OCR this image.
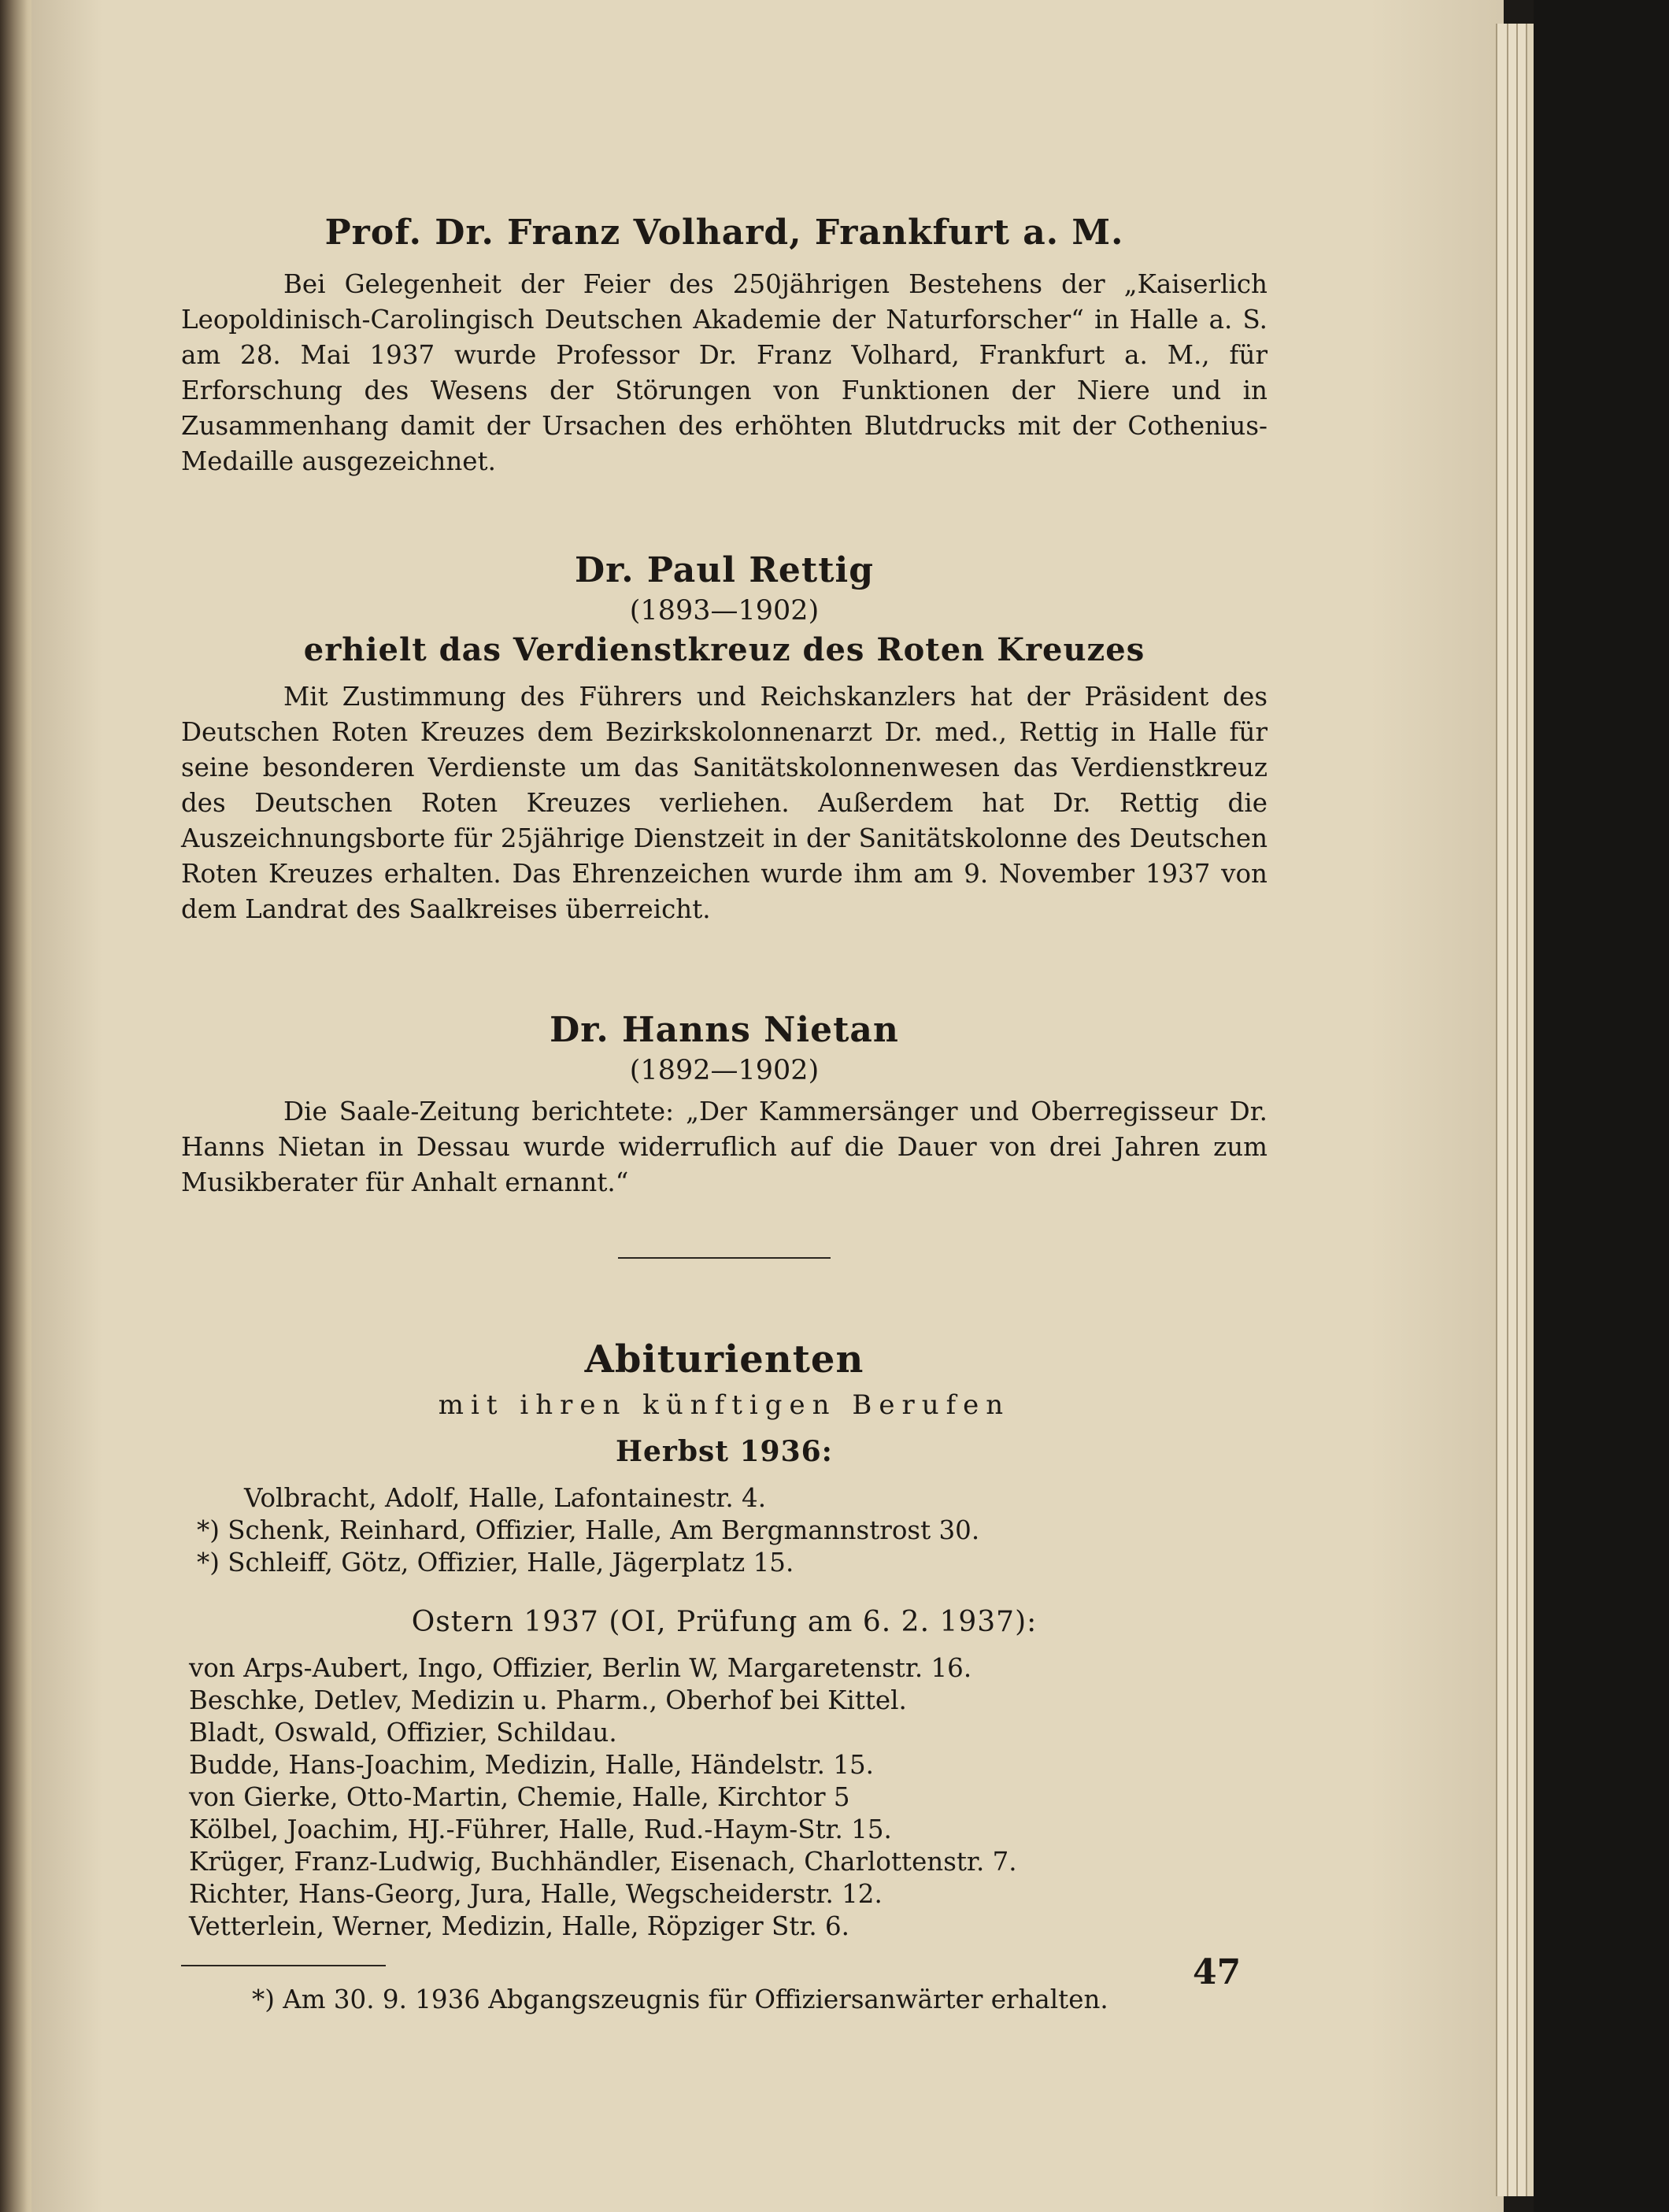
Prof. Dr. Franz Volhard, Frankfurt a. M.

Bei Gelegenheit der Feier des 250jährigen Bestehens der „Kaiserlich Leopoldinisch-Carolingisch Deutschen Akademie der Naturforscher“ in Halle a. S. am 28. Mai 1937 wurde Professor Dr. Franz Volhard, Frankfurt a. M., für Erforschung des Wesens der Störungen von Funktionen der Niere und in Zusammenhang damit der Ursachen des erhöhten Blutdrucks mit der Cothenius-Medaille ausgezeichnet.

Dr. Paul Rettig

(1893—1902)

erhielt das Verdienstkreuz des Roten Kreuzes

Mit Zustimmung des Führers und Reichskanzlers hat der Präsident des Deutschen Roten Kreuzes dem Bezirkskolonnenarzt Dr. med., Rettig in Halle für seine besonderen Verdienste um das Sanitätskolonnenwesen das Verdienstkreuz des Deutschen Roten Kreuzes verliehen. Außerdem hat Dr. Rettig die Auszeichnungsborte für 25jährige Dienstzeit in der Sanitätskolonne des Deutschen Roten Kreuzes erhalten. Das Ehrenzeichen wurde ihm am 9. November 1937 von dem Landrat des Saalkreises überreicht.

Dr. Hanns Nietan

(1892—1902)

Die Saale-Zeitung berichtete: „Der Kammersänger und Oberregisseur Dr. Hanns Nietan in Dessau wurde widerruflich auf die Dauer von drei Jahren zum Musikberater für Anhalt ernannt.“

Abiturienten

mit ihren künftigen Berufen

Herbst 1936:

Volbracht, Adolf, Halle, Lafontainestr. 4.
*) Schenk, Reinhard, Offizier, Halle, Am Bergmannstrost 30.
*) Schleiff, Götz, Offizier, Halle, Jägerplatz 15.

Ostern 1937 (OI, Prüfung am 6. 2. 1937):

von Arps-Aubert, Ingo, Offizier, Berlin W, Margaretenstr. 16.
Beschke, Detlev, Medizin u. Pharm., Oberhof bei Kittel.
Bladt, Oswald, Offizier, Schildau.
Budde, Hans-Joachim, Medizin, Halle, Händelstr. 15.
von Gierke, Otto-Martin, Chemie, Halle, Kirchtor 5
Kölbel, Joachim, HJ.-Führer, Halle, Rud.-Haym-Str. 15.
Krüger, Franz-Ludwig, Buchhändler, Eisenach, Charlottenstr. 7.
Richter, Hans-Georg, Jura, Halle, Wegscheiderstr. 12.
Vetterlein, Werner, Medizin, Halle, Röpziger Str. 6.
*) Am 30. 9. 1936 Abgangszeugnis für Offiziersanwärter erhalten.
47
